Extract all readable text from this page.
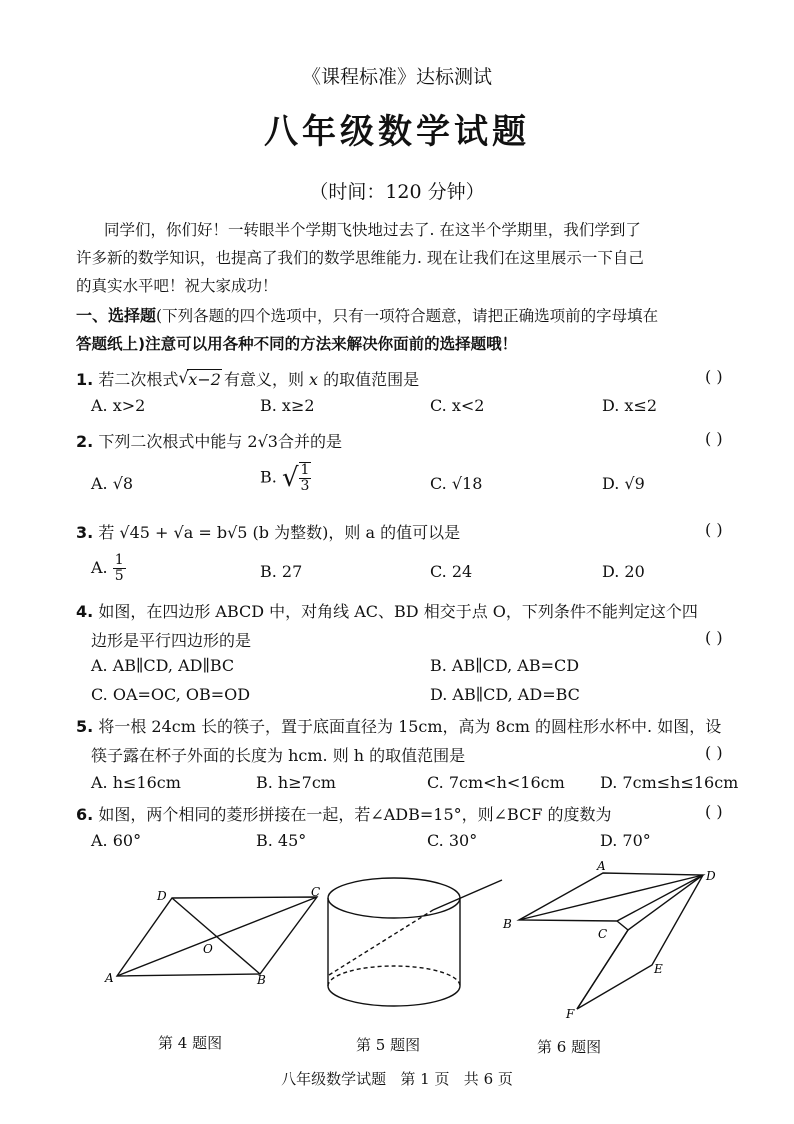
《课程标准》达标测试
八年级数学试题
（时间：120 分钟）
同学们，你们好！一转眼半个学期飞快地过去了. 在这半个学期里，我们学到了
许多新的数学知识，也提高了我们的数学思维能力. 现在让我们在这里展示一下自己
的真实水平吧！祝大家成功！
一、选择题(下列各题的四个选项中，只有一项符合题意，请把正确选项前的字母填在
答题纸上)注意可以用各种不同的方法来解决你面前的选择题哦！
1. 若二次根式 √ x−2 有意义，则 x 的取值范围是	( )
A. x>2	B. x≥2	C. x<2	D. x≤2
2. 下列二次根式中能与 2√3合并的是	( )
A. √8	B. √ $\frac{1}{3}$	C. √18	D. √9
3. 若 √45 + √a = b√5 (b 为整数)，则 a 的值可以是	( )
A. $\frac{1}{5}$	B. 27	C. 24	D. 20
4. 如图，在四边形 ABCD 中，对角线 AC、BD 相交于点 O，下列条件不能判定这个四
边形是平行四边形的是	( )
A. AB∥CD, AD∥BC	B. AB∥CD, AB=CD
C. OA=OC, OB=OD	D. AB∥CD, AD=BC
5. 将一根 24cm 长的筷子，置于底面直径为 15cm，高为 8cm 的圆柱形水杯中. 如图，设
筷子露在杯子外面的长度为 hcm. 则 h 的取值范围是	( )
A. h≤16cm	B. h≥7cm	C. 7cm<h<16cm D. 7cm≤h≤16cm
6. 如图，两个相同的菱形拼接在一起，若∠ADB=15°，则∠BCF 的度数为	( )
A. 60°	B. 45°	C. 30°	D. 70°
D	C
O
A	B
第 4 题图	第 5 题图
A
D
B
C
E
F
第 6 题图
八年级数学试题   第 1 页   共 6 页
